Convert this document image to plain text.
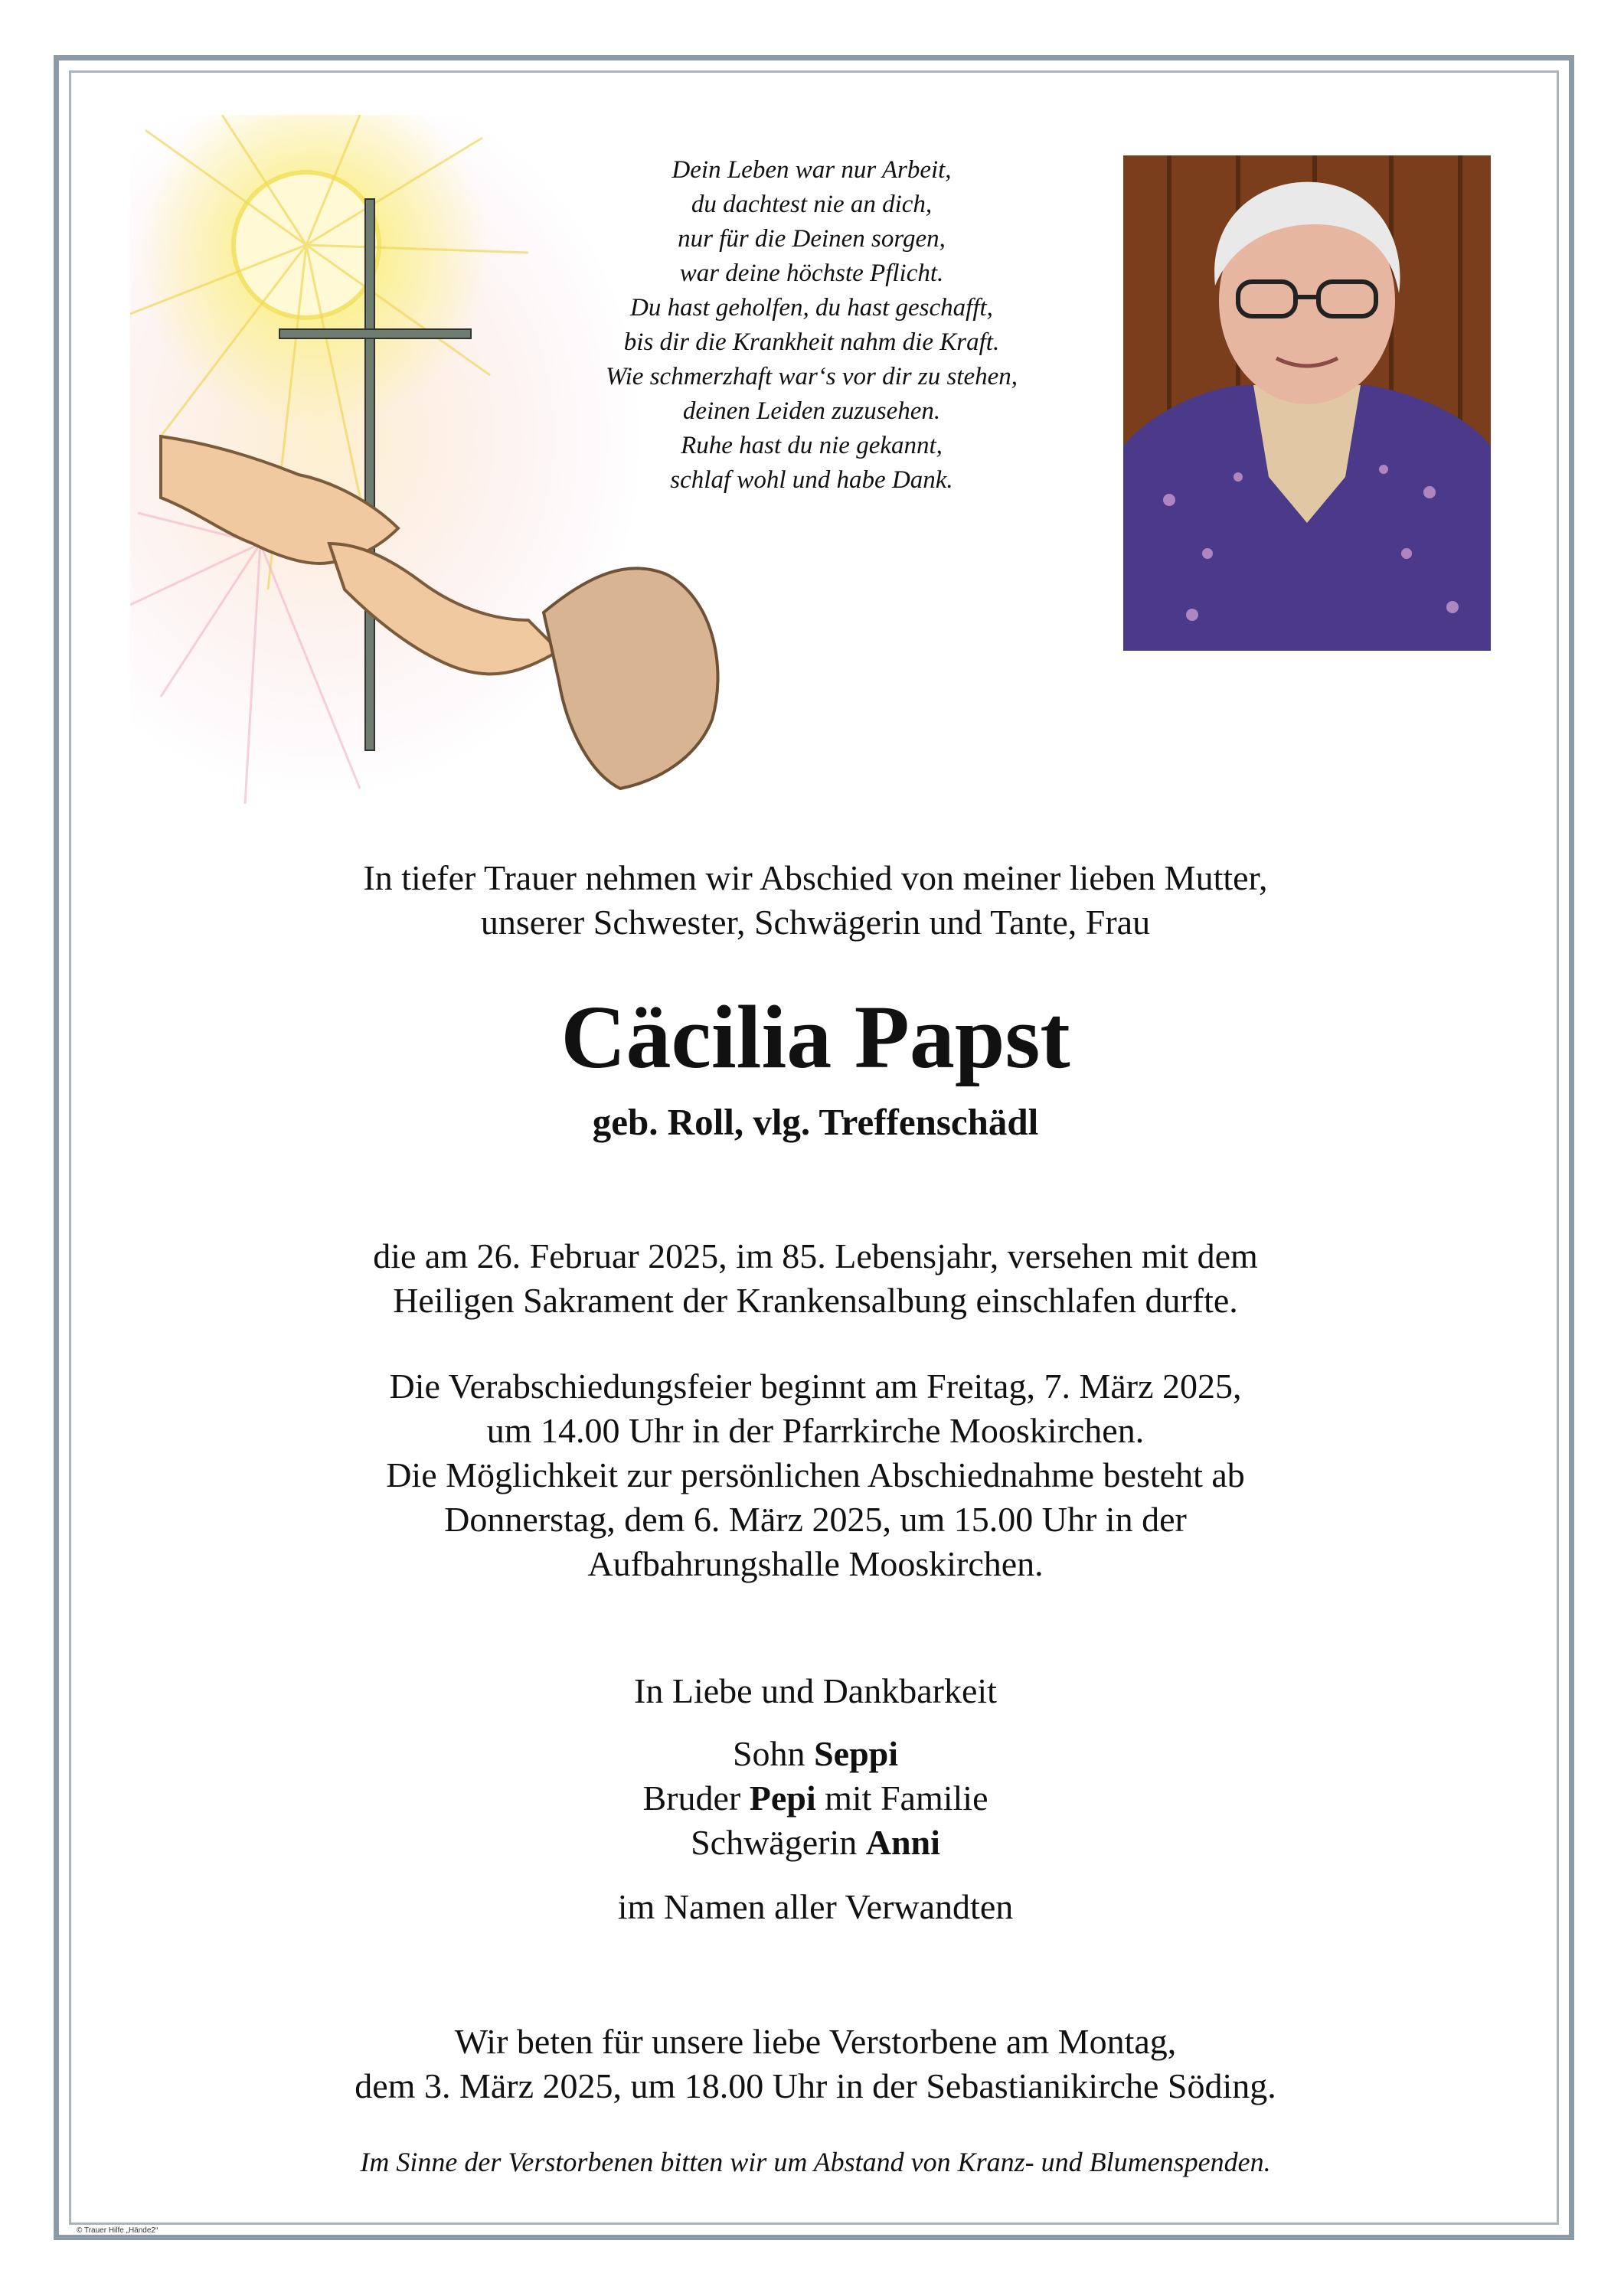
Dein Leben war nur Arbeit,
du dachtest nie an dich,
nur für die Deinen sorgen,
war deine höchste Pflicht.
Du hast geholfen, du hast geschafft,
bis dir die Krankheit nahm die Kraft.
Wie schmerzhaft war‘s vor dir zu stehen,
deinen Leiden zuzusehen.
Ruhe hast du nie gekannt,
schlaf wohl und habe Dank.
In tiefer Trauer nehmen wir Abschied von meiner lieben Mutter,
unserer Schwester, Schwägerin und Tante, Frau
Cäcilia Papst
geb. Roll, vlg. Treffenschädl
die am 26. Februar 2025, im 85. Lebensjahr, versehen mit dem
Heiligen Sakrament der Krankensalbung einschlafen durfte.
Die Verabschiedungsfeier beginnt am Freitag, 7. März 2025,
um 14.00 Uhr in der Pfarrkirche Mooskirchen.
Die Möglichkeit zur persönlichen Abschiednahme besteht ab
Donnerstag, dem 6. März 2025, um 15.00 Uhr in der
Aufbahrungshalle Mooskirchen.
In Liebe und Dankbarkeit
Sohn Seppi
Bruder Pepi mit Familie
Schwägerin Anni
im Namen aller Verwandten
Wir beten für unsere liebe Verstorbene am Montag,
dem 3. März 2025, um 18.00 Uhr in der Sebastianikirche Söding.
Im Sinne der Verstorbenen bitten wir um Abstand von Kranz- und Blumenspenden.
© Trauer Hilfe „Hände2“
